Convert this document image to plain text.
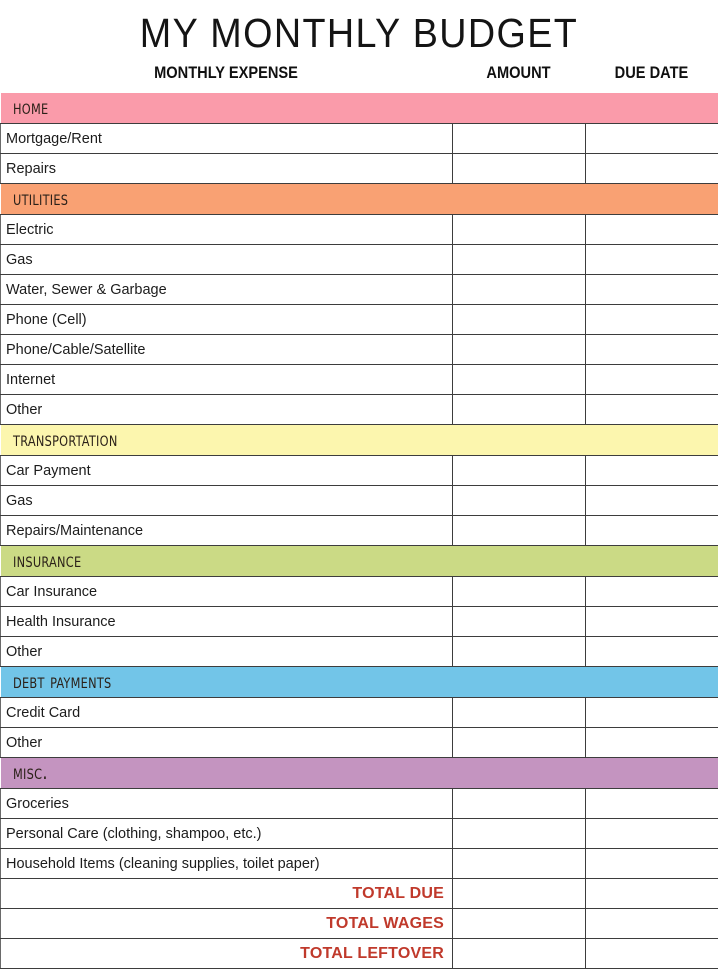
MY MONTHLY BUDGET
MONTHLY EXPENSE	AMOUNT	DUE DATE
home		
Mortgage/Rent		
Repairs		
utilities		
Electric		
Gas		
Water, Sewer & Garbage		
Phone (Cell)		
Phone/Cable/Satellite		
Internet		
Other		
transportation		
Car Payment		
Gas		
Repairs/Maintenance		
insurance		
Car Insurance		
Health Insurance		
Other		
debt payments		
Credit Card		
Other		
misc.		
Groceries		
Personal Care (clothing, shampoo, etc.)		
Household Items (cleaning supplies, toilet paper)		
TOTAL DUE		
TOTAL WAGES		
TOTAL LEFTOVER		
